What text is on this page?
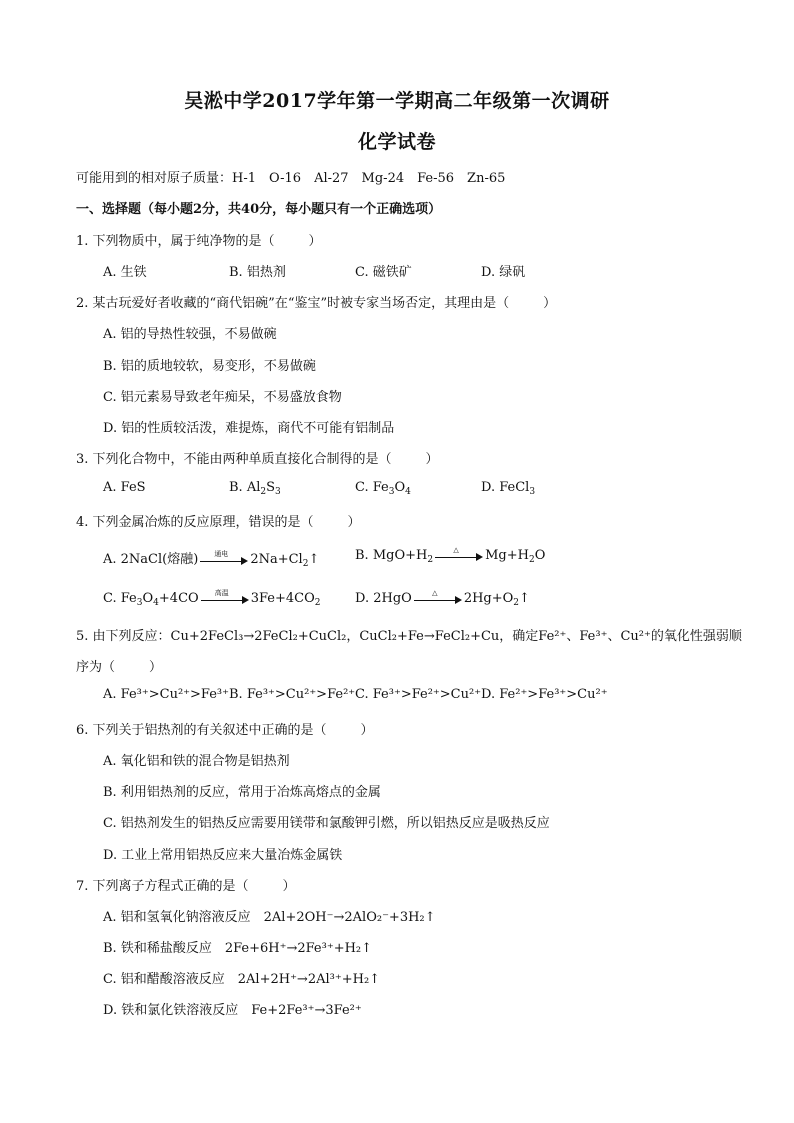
吴淞中学2017学年第一学期高二年级第一次调研
化学试卷
可能用到的相对原子质量：H-1　O-16　Al-27　Mg-24　Fe-56　Zn-65
一、选择题（每小题2分，共40分，每小题只有一个正确选项）
1. 下列物质中，属于纯净物的是（	）
A. 生铁	B. 铝热剂	C. 磁铁矿	D. 绿矾
2. 某古玩爱好者收藏的“商代铝碗”在“鉴宝”时被专家当场否定，其理由是（	）
A. 铝的导热性较强，不易做碗
B. 铝的质地较软，易变形，不易做碗
C. 铝元素易导致老年痴呆，不易盛放食物
D. 铝的性质较活泼，难提炼，商代不可能有铝制品
3. 下列化合物中，不能由两种单质直接化合制得的是（	）
A. FeS	B. $Al_2S_3$	C. $Fe_3O_4$	D. FeCl$_3$
4. 下列金属冶炼的反应原理，错误的是（	）
A. 2NaCl(熔融)	通电	$2Na+Cl_2↑$	B. $MgO+H_2$
△	$Mg+H_2O$
C. $Fe_3O_4+4CO$	高温	$3Fe+4CO_2$	D. 2HgO	△	$2Hg+O_2↑$
5. 由下列反应：Cu+2FeCl₃→2FeCl₂+CuCl₂，CuCl₂+Fe→FeCl₂+Cu，确定Fe²⁺、Fe³⁺、Cu²⁺的氧化性强弱顺
序为（	）
A. Fe³⁺>Cu²⁺>Fe³⁺ B. Fe³⁺>Cu²⁺>Fe²⁺ C. Fe³⁺>Fe²⁺>Cu²⁺ D. Fe²⁺>Fe³⁺>Cu²⁺
6. 下列关于铝热剂的有关叙述中正确的是（	）
A. 氧化铝和铁的混合物是铝热剂
B. 利用铝热剂的反应，常用于冶炼高熔点的金属
C. 铝热剂发生的铝热反应需要用镁带和氯酸钾引燃，所以铝热反应是吸热反应
D. 工业上常用铝热反应来大量冶炼金属铁
7. 下列离子方程式正确的是（	）
A. 铝和氢氧化钠溶液反应　2Al+2OH⁻→2AlO₂⁻+3H₂↑
B. 铁和稀盐酸反应　2Fe+6H⁺→2Fe³⁺+H₂↑
C. 铝和醋酸溶液反应　2Al+2H⁺→2Al³⁺+H₂↑
D. 铁和氯化铁溶液反应　Fe+2Fe³⁺→3Fe²⁺
